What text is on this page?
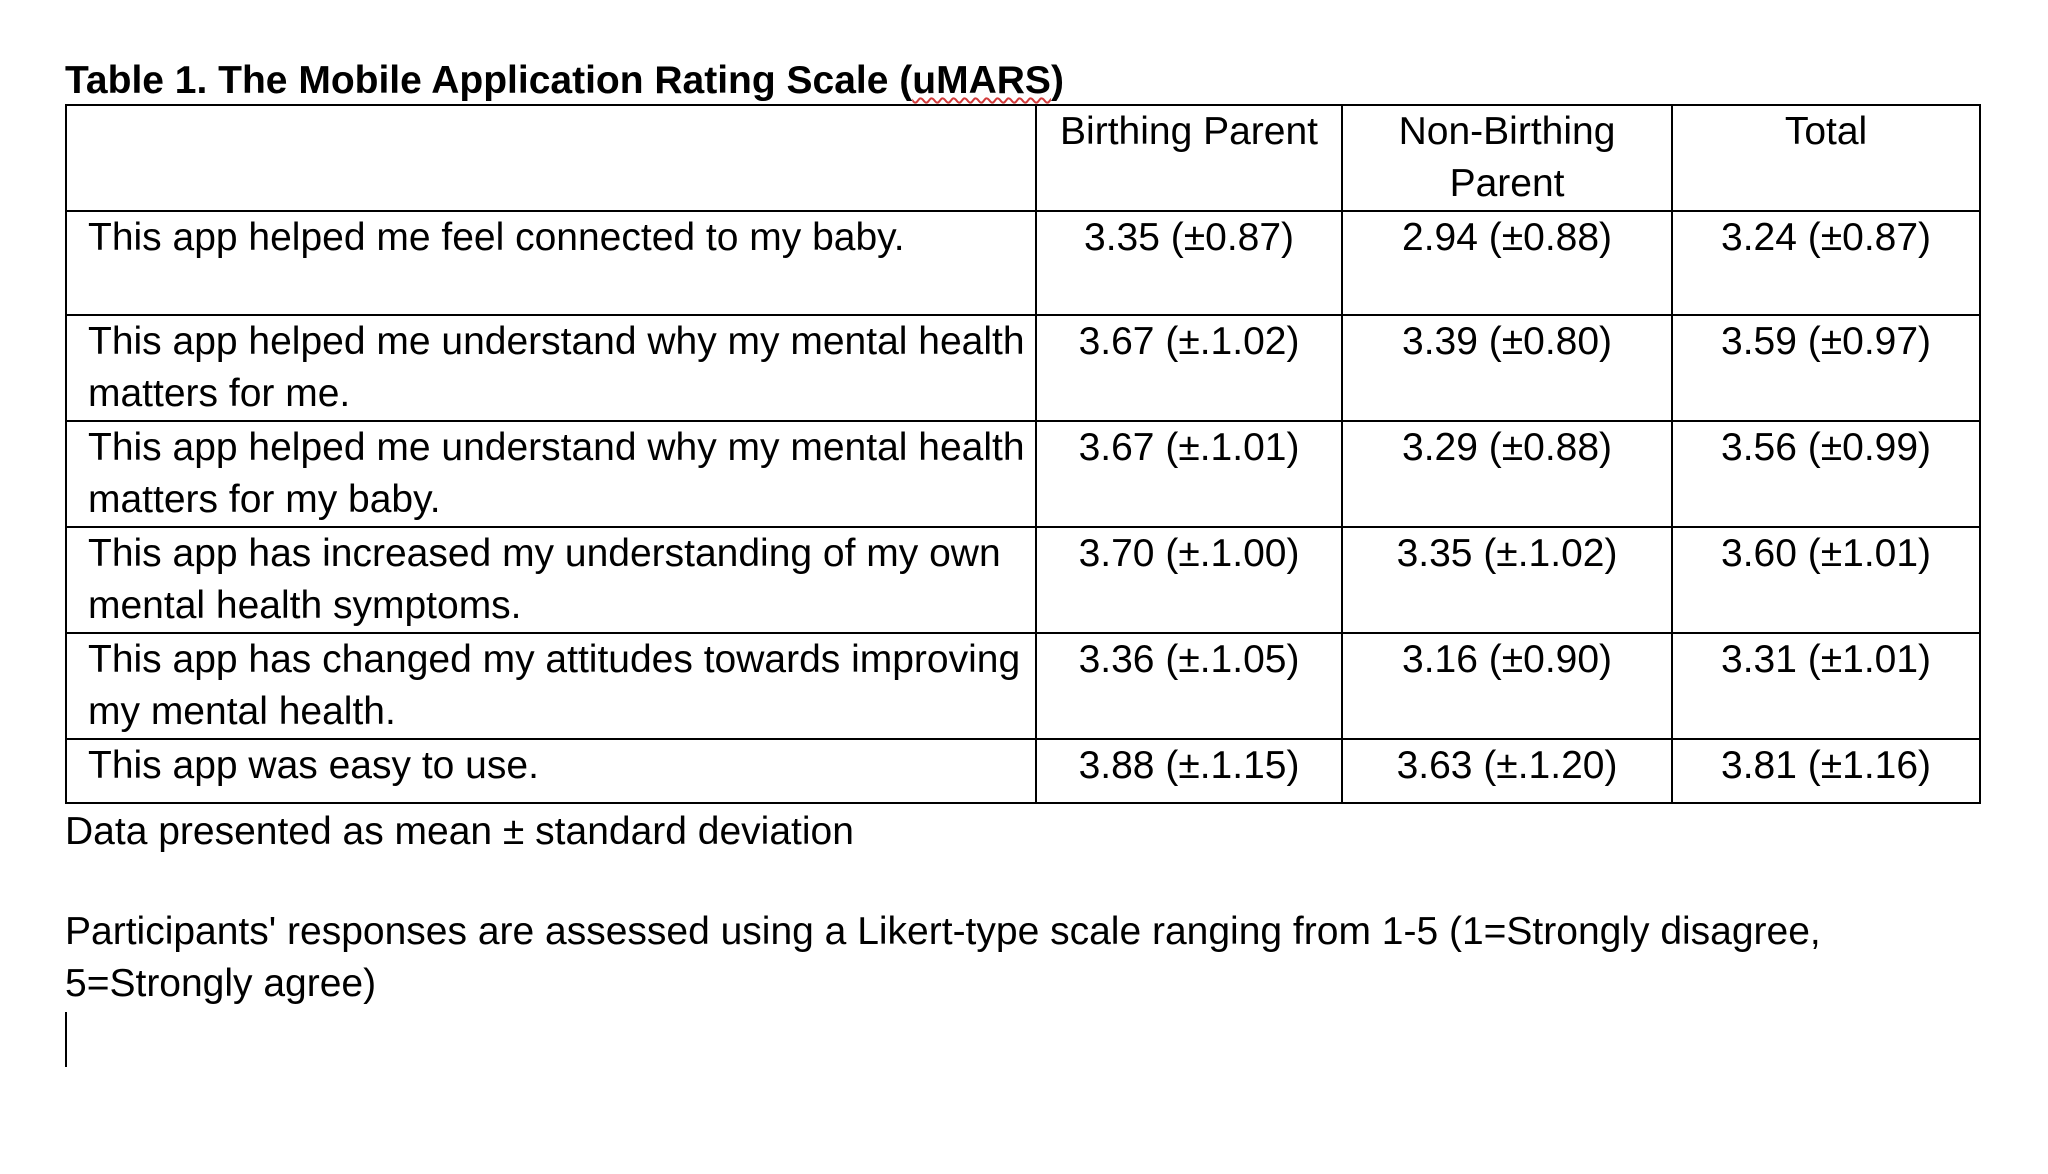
Table 1. The Mobile Application Rating Scale (uMARS)
	Birthing Parent	Non-Birthing Parent	Total
This app helped me feel connected to my baby.	3.35 (±0.87)	2.94 (±0.88)	3.24 (±0.87)
This app helped me understand why my mental health matters for me.	3.67 (±.1.02)	3.39 (±0.80)	3.59 (±0.97)
This app helped me understand why my mental health matters for my baby.	3.67 (±.1.01)	3.29 (±0.88)	3.56 (±0.99)
This app has increased my understanding of my own mental health symptoms.	3.70 (±.1.00)	3.35 (±.1.02)	3.60 (±1.01)
This app has changed my attitudes towards improving my mental health.	3.36 (±.1.05)	3.16 (±0.90)	3.31 (±1.01)
This app was easy to use.	3.88 (±.1.15)	3.63 (±.1.20)	3.81 (±1.16)
Data presented as mean ± standard deviation
Participants' responses are assessed using a Likert-type scale ranging from 1-5 (1=Strongly disagree, 5=Strongly agree)
